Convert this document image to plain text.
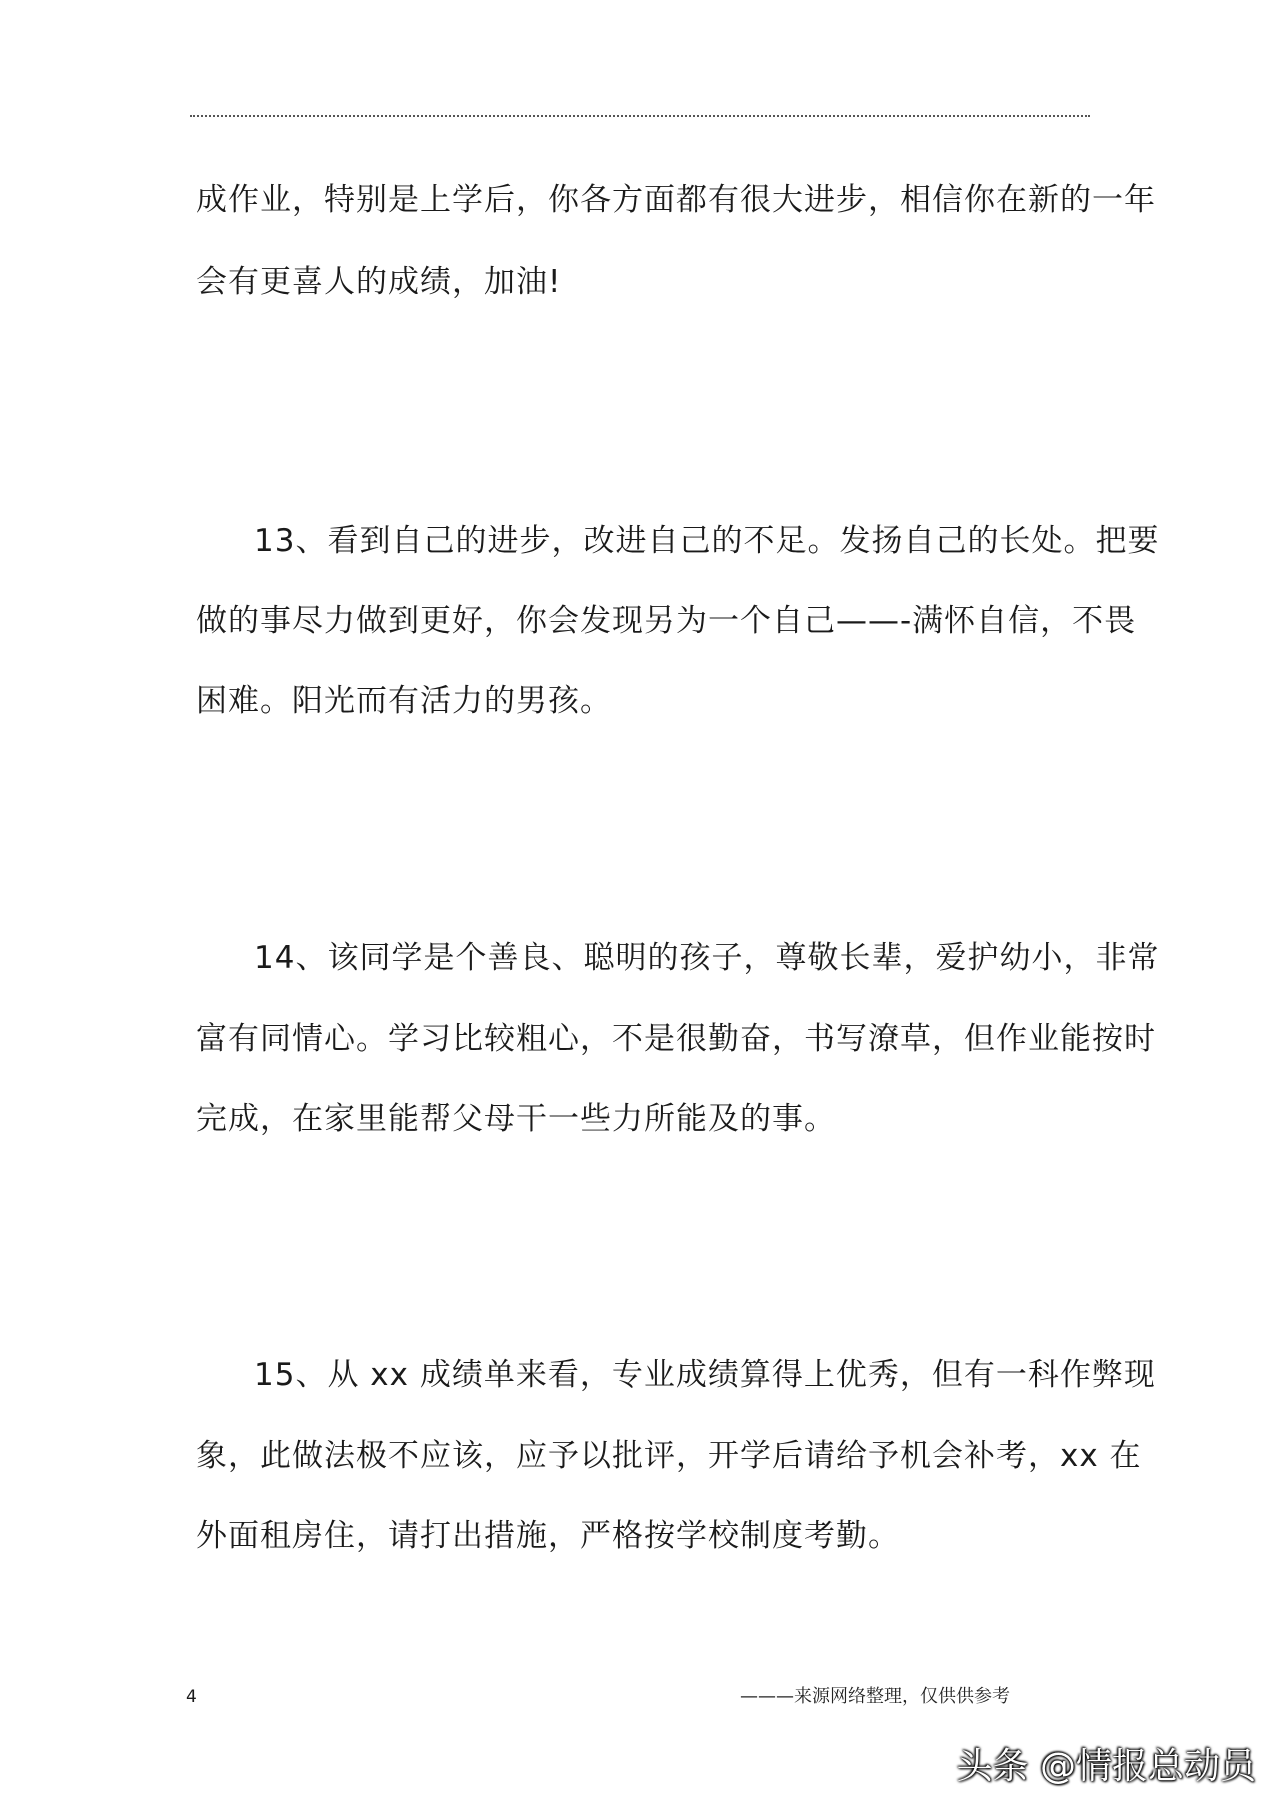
成作业，特别是上学后，你各方面都有很大进步，相信你在新的一年
会有更喜人的成绩，加油!
13、看到自己的进步，改进自己的不足。发扬自己的长处。把要
做的事尽力做到更好，你会发现另为一个自己——-满怀自信，不畏
困难。阳光而有活力的男孩。
14、该同学是个善良、聪明的孩子，尊敬长辈，爱护幼小，非常
富有同情心。学习比较粗心，不是很勤奋，书写潦草，但作业能按时
完成，在家里能帮父母干一些力所能及的事。
15、从 xx 成绩单来看，专业成绩算得上优秀，但有一科作弊现
象，此做法极不应该，应予以批评，开学后请给予机会补考，xx 在
外面租房住，请打出措施，严格按学校制度考勤。
4	———来源网络整理，仅供供参考
头条 @情报总动员
